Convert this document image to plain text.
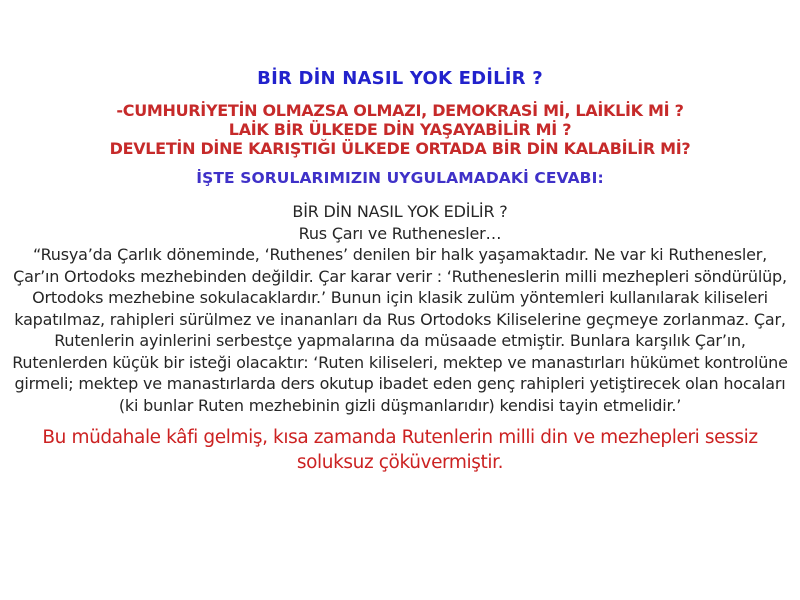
BİR DİN NASIL YOK EDİLİR ?
-CUMHURİYETİN OLMAZSA OLMAZI, DEMOKRASİ Mİ, LAİKLİK Mİ ?
LAİK BİR ÜLKEDE DİN YAŞAYABİLİR Mİ ?
DEVLETİN DİNE KARIŞTIĞI ÜLKEDE ORTADA BİR DİN KALABİLİR Mİ?
İŞTE SORULARIMIZIN UYGULAMADAKİ CEVABI:

BİR DİN NASIL YOK EDİLİR ?

Rus Çarı ve Ruthenesler…

“Rusya’da Çarlık döneminde, ‘Ruthenes’ denilen bir halk yaşamaktadır. Ne var ki Ruthenesler, Çar’ın Ortodoks mezhebinden değildir. Çar karar verir : ‘Rutheneslerin milli mezhepleri söndürülüp, Ortodoks mezhebine sokulacaklardır.’ Bunun için klasik zulüm yöntemleri kullanılarak kiliseleri kapatılmaz, rahipleri sürülmez ve inananları da Rus Ortodoks Kiliselerine geçmeye zorlanmaz. Çar, Rutenlerin ayinlerini serbestçe yapmalarına da müsaade etmiştir. Bunlara karşılık Çar’ın, Rutenlerden küçük bir isteği olacaktır: ‘Ruten kiliseleri, mektep ve manastırları hükümet kontrolüne girmeli; mektep ve manastırlarda ders okutup ibadet eden genç rahipleri yetiştirecek olan hocaları (ki bunlar Ruten mezhebinin gizli düşmanlarıdır) kendisi tayin etmelidir.’

Bu müdahale kâfi gelmiş, kısa zamanda Rutenlerin milli din ve mezhepleri sessiz soluksuz çöküvermiştir.
